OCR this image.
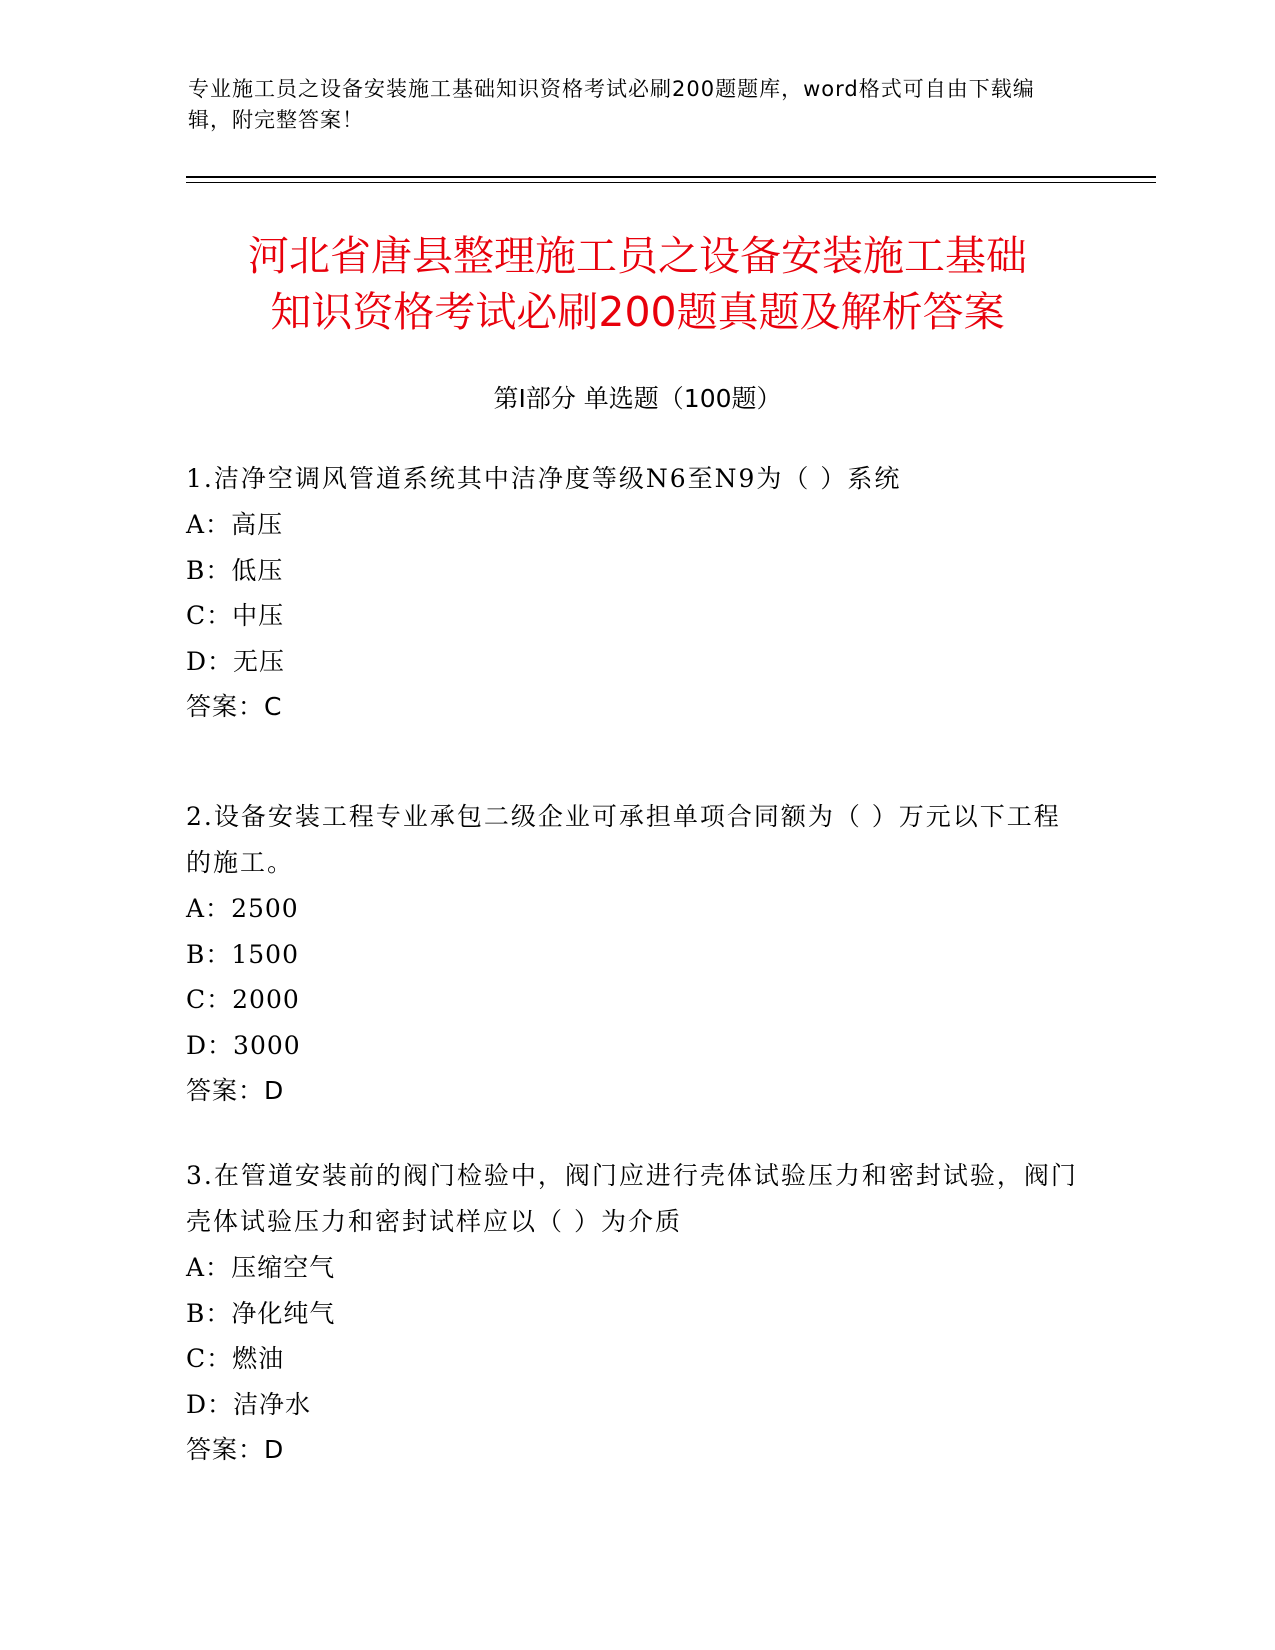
专业施工员之设备安装施工基础知识资格考试必刷200题题库，word格式可自由下载编辑，附完整答案！
河北省唐县整理施工员之设备安装施工基础
知识资格考试必刷200题真题及解析答案
第Ⅰ部分 单选题（100题）
1.洁净空调风管道系统其中洁净度等级N6至N9为（ ）系统
A：高压
B：低压
C：中压
D：无压
答案：C
2.设备安装工程专业承包二级企业可承担单项合同额为（ ）万元以下工程的施工。
A：2500
B：1500
C：2000
D：3000
答案：D
3.在管道安装前的阀门检验中，阀门应进行壳体试验压力和密封试验，阀门壳体试验压力和密封试样应以（ ）为介质
A：压缩空气
B：净化纯气
C：燃油
D：洁净水
答案：D
